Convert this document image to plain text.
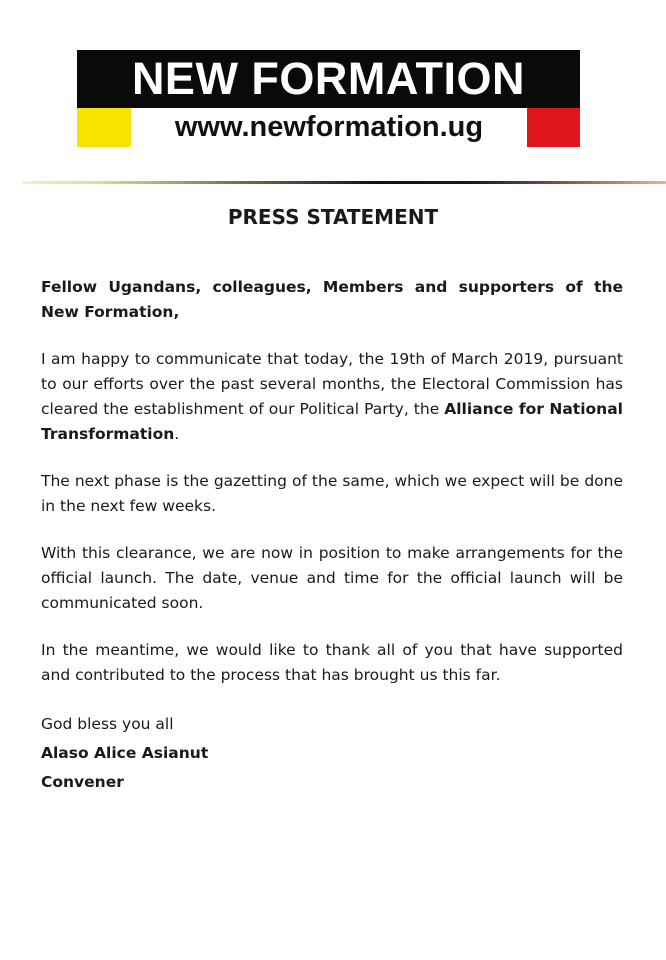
NEW FORMATION
www.newformation.ug
PRESS STATEMENT

Fellow Ugandans, colleagues, Members and supporters of the New Formation,

I am happy to communicate that today, the 19th of March 2019, pursuant to our efforts over the past several months, the Electoral Commission has cleared the establishment of our Political Party, the Alliance for National Transformation.

The next phase is the gazetting of the same, which we expect will be done in the next few weeks.

With this clearance, we are now in position to make arrangements for the official launch. The date, venue and time for the official launch will be communicated soon.

In the meantime, we would like to thank all of you that have supported and contributed to the process that has brought us this far.

God bless you all

Alaso Alice Asianut

Convener
